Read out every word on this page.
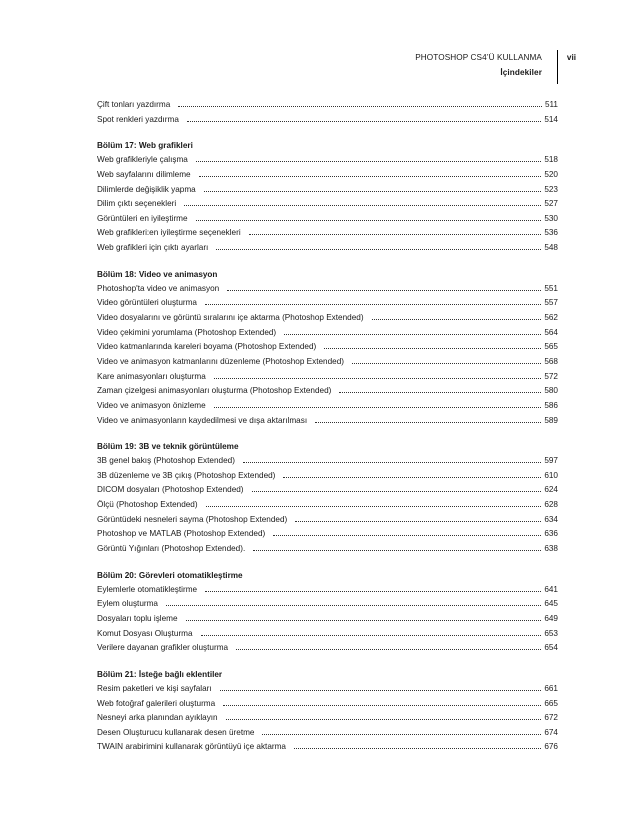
PHOTOSHOP CS4’Ü KULLANMA
İçindekiler
vii
Çift tonları yazdırma	511
Spot renkleri yazdırma	514
Bölüm 17: Web grafikleri
Web grafikleriyle çalışma	518
Web sayfalarını dilimleme	520
Dilimlerde değişiklik yapma	523
Dilim çıktı seçenekleri	527
Görüntüleri en iyileştirme	530
Web grafikleri:en iyileştirme seçenekleri	536
Web grafikleri için çıktı ayarları	548
Bölüm 18: Video ve animasyon
Photoshop'ta video ve animasyon	551
Video görüntüleri oluşturma	557
Video dosyalarını ve görüntü sıralarını içe aktarma (Photoshop Extended)	562
Video çekimini yorumlama (Photoshop Extended)	564
Video katmanlarında kareleri boyama (Photoshop Extended)	565
Video ve animasyon katmanlarını düzenleme (Photoshop Extended)	568
Kare animasyonları oluşturma	572
Zaman çizelgesi animasyonları oluşturma (Photoshop Extended)	580
Video ve animasyon önizleme	586
Video ve animasyonların kaydedilmesi ve dışa aktarılması	589
Bölüm 19: 3B ve teknik görüntüleme
3B genel bakış (Photoshop Extended)	597
3B düzenleme ve 3B çıkış (Photoshop Extended)	610
DICOM dosyaları (Photoshop Extended)	624
Ölçü (Photoshop Extended)	628
Görüntüdeki nesneleri sayma (Photoshop Extended)	634
Photoshop ve MATLAB (Photoshop Extended)	636
Görüntü Yığınları (Photoshop Extended).	638
Bölüm 20: Görevleri otomatikleştirme
Eylemlerle otomatikleştirme	641
Eylem oluşturma	645
Dosyaları toplu işleme	649
Komut Dosyası Oluşturma	653
Verilere dayanan grafikler oluşturma	654
Bölüm 21: İsteğe bağlı eklentiler
Resim paketleri ve kişi sayfaları	661
Web fotoğraf galerileri oluşturma	665
Nesneyi arka planından ayıklayın	672
Desen Oluşturucu kullanarak desen üretme	674
TWAIN arabirimini kullanarak görüntüyü içe aktarma	676
